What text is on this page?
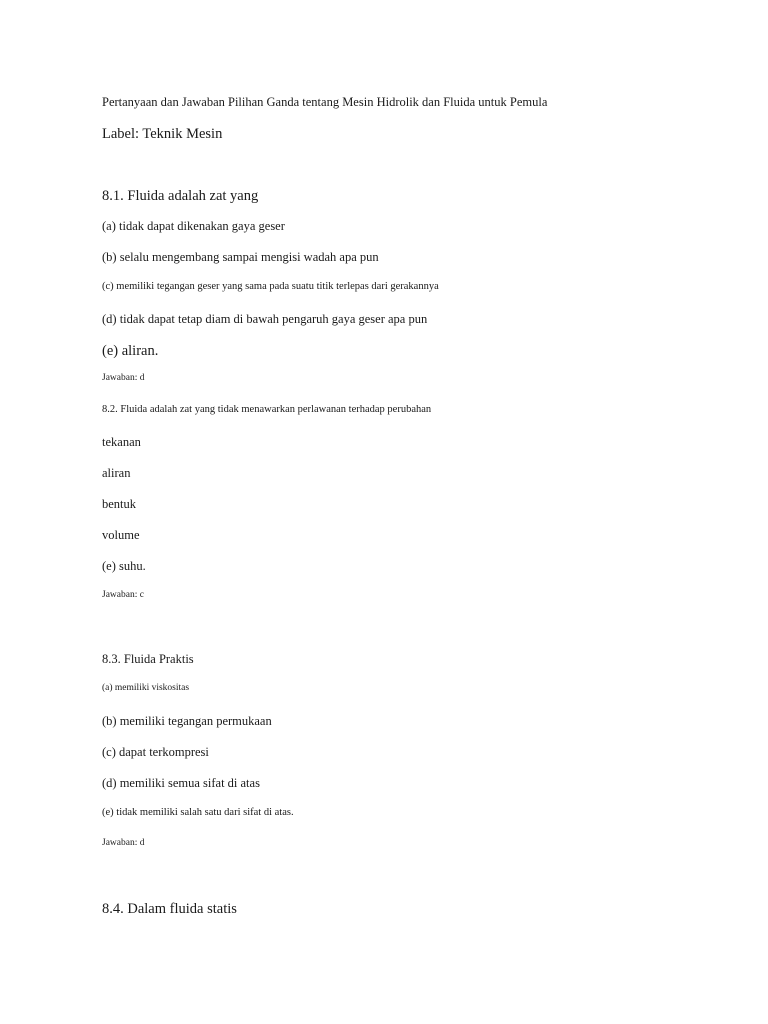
Pertanyaan dan Jawaban Pilihan Ganda tentang Mesin Hidrolik dan Fluida untuk Pemula
Label: Teknik Mesin
8.1. Fluida adalah zat yang
(a) tidak dapat dikenakan gaya geser
(b) selalu mengembang sampai mengisi wadah apa pun
(c) memiliki tegangan geser yang sama pada suatu titik terlepas dari gerakannya
(d) tidak dapat tetap diam di bawah pengaruh gaya geser apa pun
(e) aliran.
Jawaban: d
8.2. Fluida adalah zat yang tidak menawarkan perlawanan terhadap perubahan
tekanan
aliran
bentuk
volume
(e) suhu.
Jawaban: c
8.3. Fluida Praktis
(a) memiliki viskositas
(b) memiliki tegangan permukaan
(c) dapat terkompresi
(d) memiliki semua sifat di atas
(e) tidak memiliki salah satu dari sifat di atas.
Jawaban: d
8.4. Dalam fluida statis
